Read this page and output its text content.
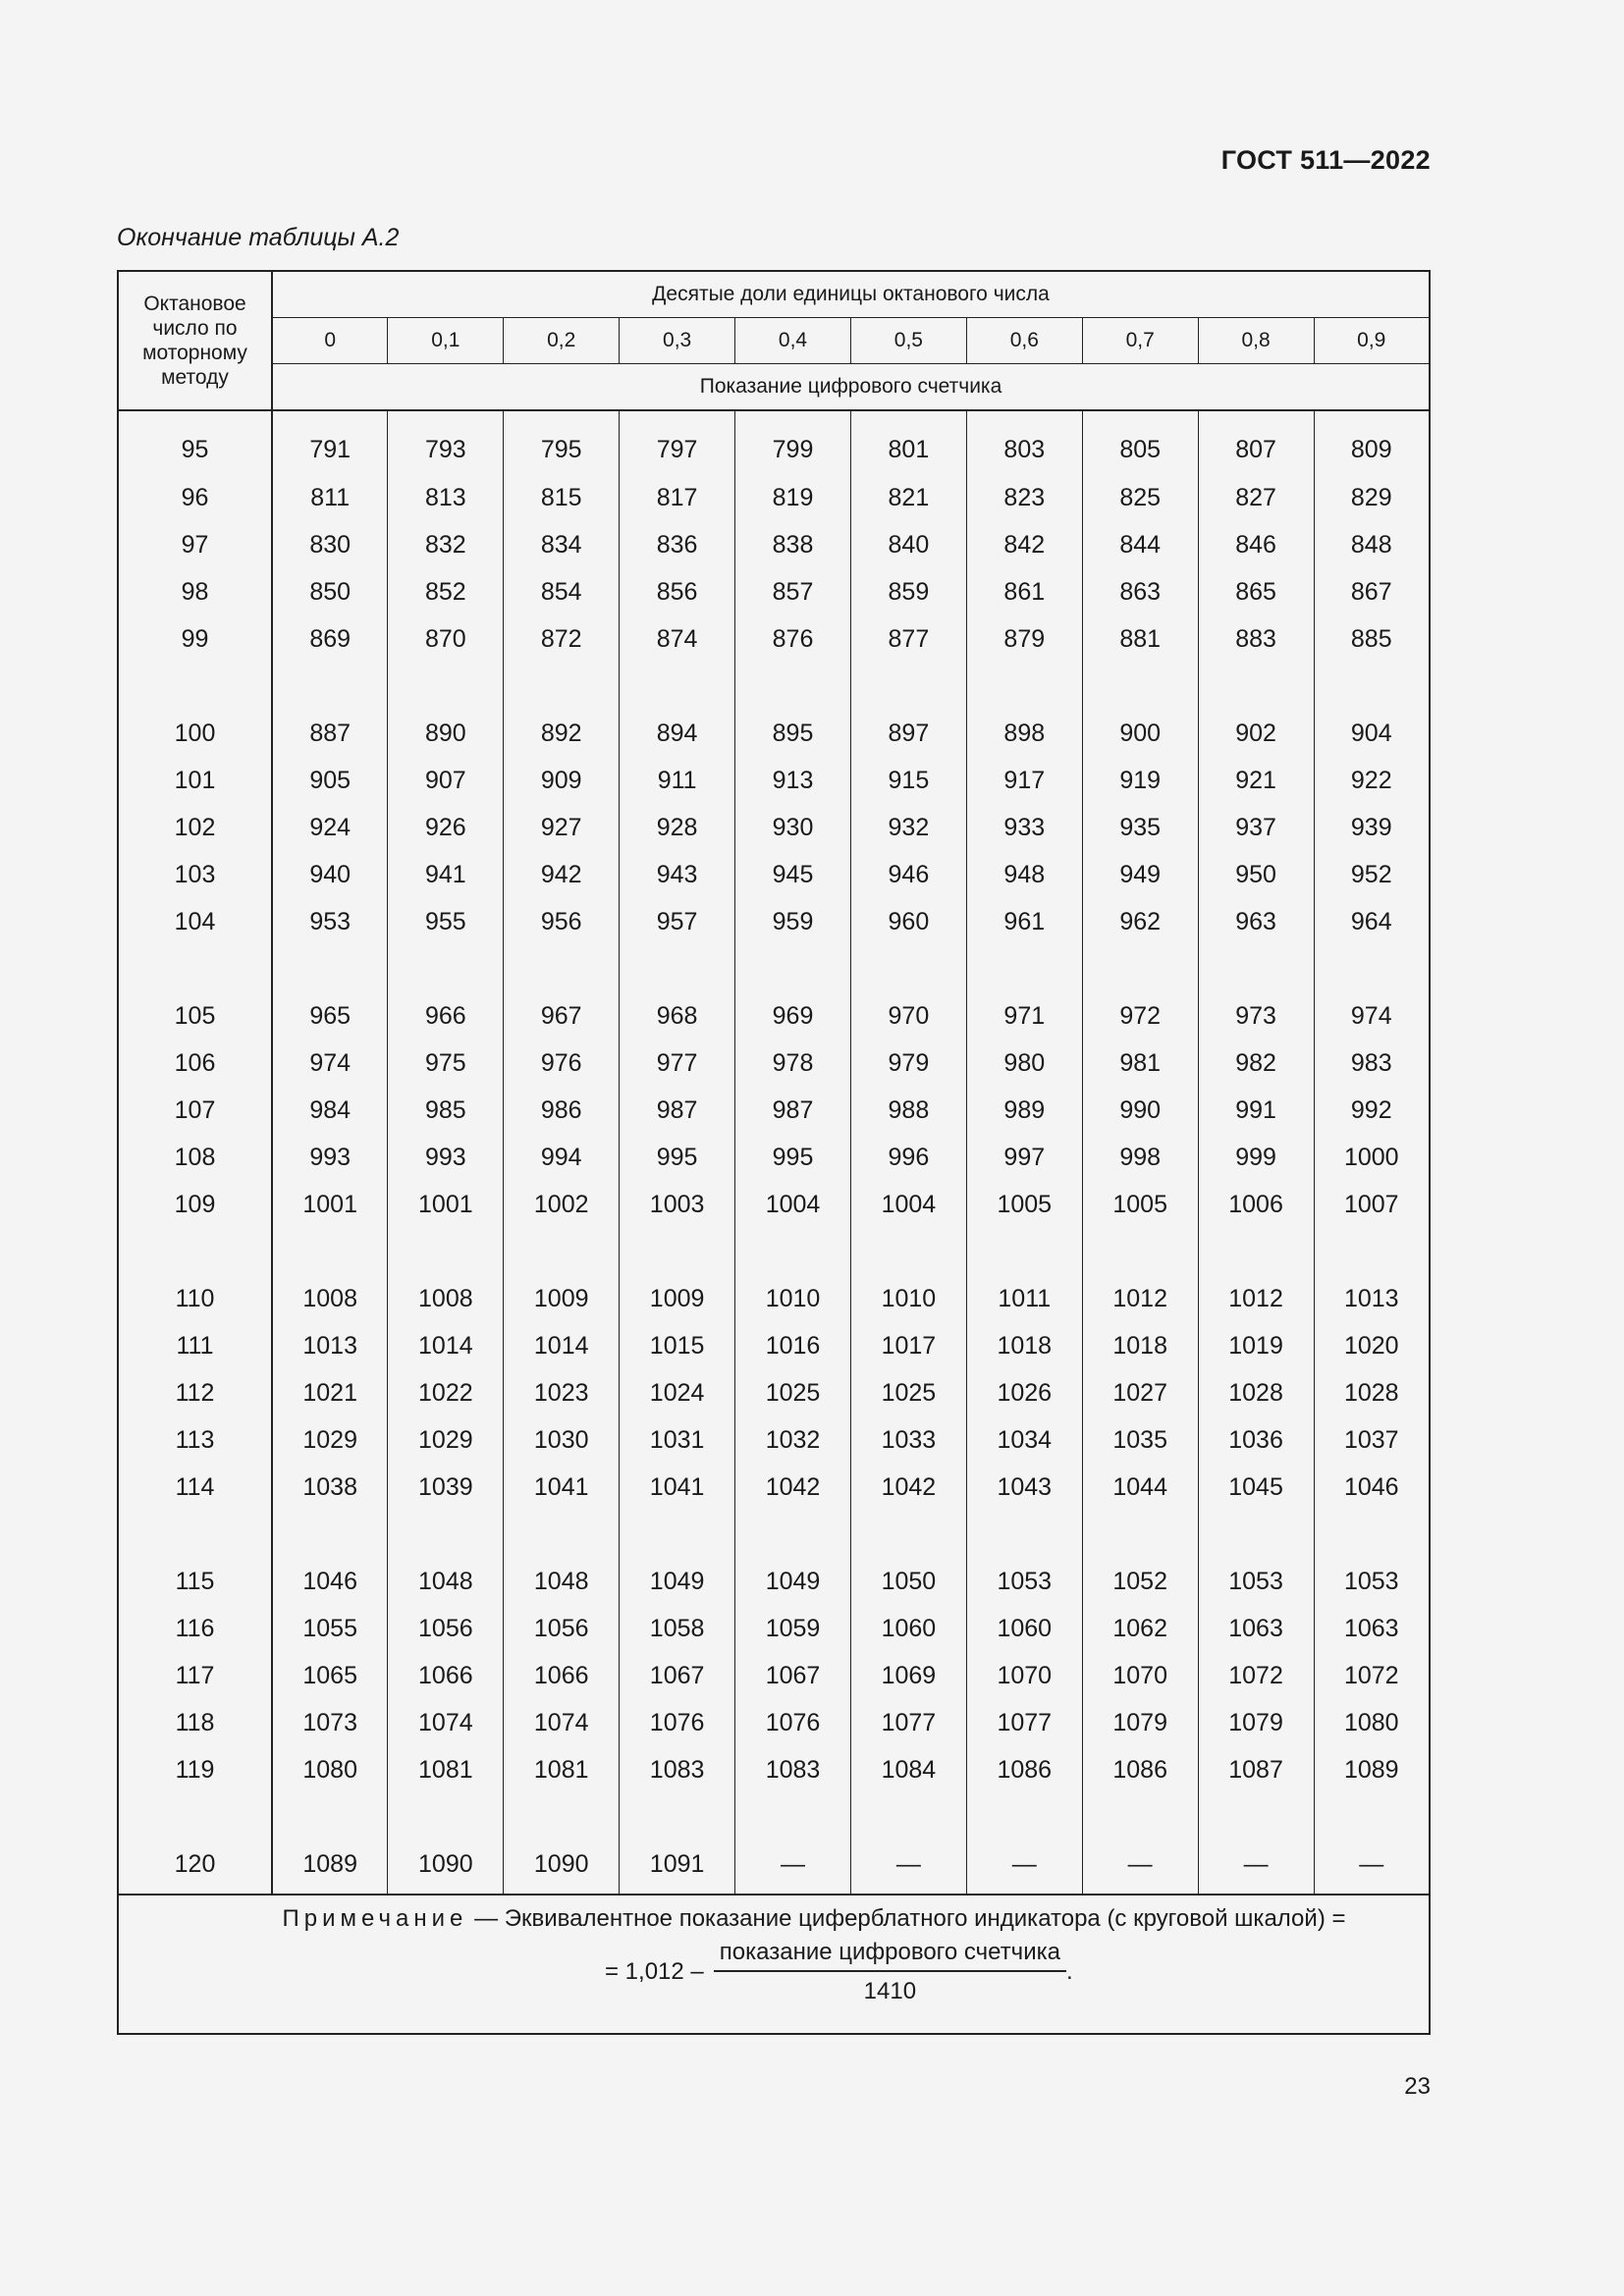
ГОСТ 511—2022
Окончание таблицы А.2
Октановое число по моторному методу	Десятые доли единицы октанового числа									
	0	0,1	0,2	0,3	0,4	0,5	0,6	0,7	0,8	0,9
	Показание цифрового счетчика									
95	791	793	795	797	799	801	803	805	807	809
96	811	813	815	817	819	821	823	825	827	829
97	830	832	834	836	838	840	842	844	846	848
98	850	852	854	856	857	859	861	863	865	867
99	869	870	872	874	876	877	879	881	883	885

100	887	890	892	894	895	897	898	900	902	904
101	905	907	909	911	913	915	917	919	921	922
102	924	926	927	928	930	932	933	935	937	939
103	940	941	942	943	945	946	948	949	950	952
104	953	955	956	957	959	960	961	962	963	964

105	965	966	967	968	969	970	971	972	973	974
106	974	975	976	977	978	979	980	981	982	983
107	984	985	986	987	987	988	989	990	991	992
108	993	993	994	995	995	996	997	998	999	1000
109	1001	1001	1002	1003	1004	1004	1005	1005	1006	1007

110	1008	1008	1009	1009	1010	1010	1011	1012	1012	1013
111	1013	1014	1014	1015	1016	1017	1018	1018	1019	1020
112	1021	1022	1023	1024	1025	1025	1026	1027	1028	1028
113	1029	1029	1030	1031	1032	1033	1034	1035	1036	1037
114	1038	1039	1041	1041	1042	1042	1043	1044	1045	1046

115	1046	1048	1048	1049	1049	1050	1053	1052	1053	1053
116	1055	1056	1056	1058	1059	1060	1060	1062	1063	1063
117	1065	1066	1066	1067	1067	1069	1070	1070	1072	1072
118	1073	1074	1074	1076	1076	1077	1077	1079	1079	1080
119	1080	1081	1081	1083	1083	1084	1086	1086	1087	1089

120	1089	1090	1090	1091	—	—	—	—	—	—

Примечание — Эквивалентное показание циферблатного индикатора (с круговой шкалой) =
= $1,012 - \frac{\text{показание цифрового счетчика}}{1410}$ .										
23
